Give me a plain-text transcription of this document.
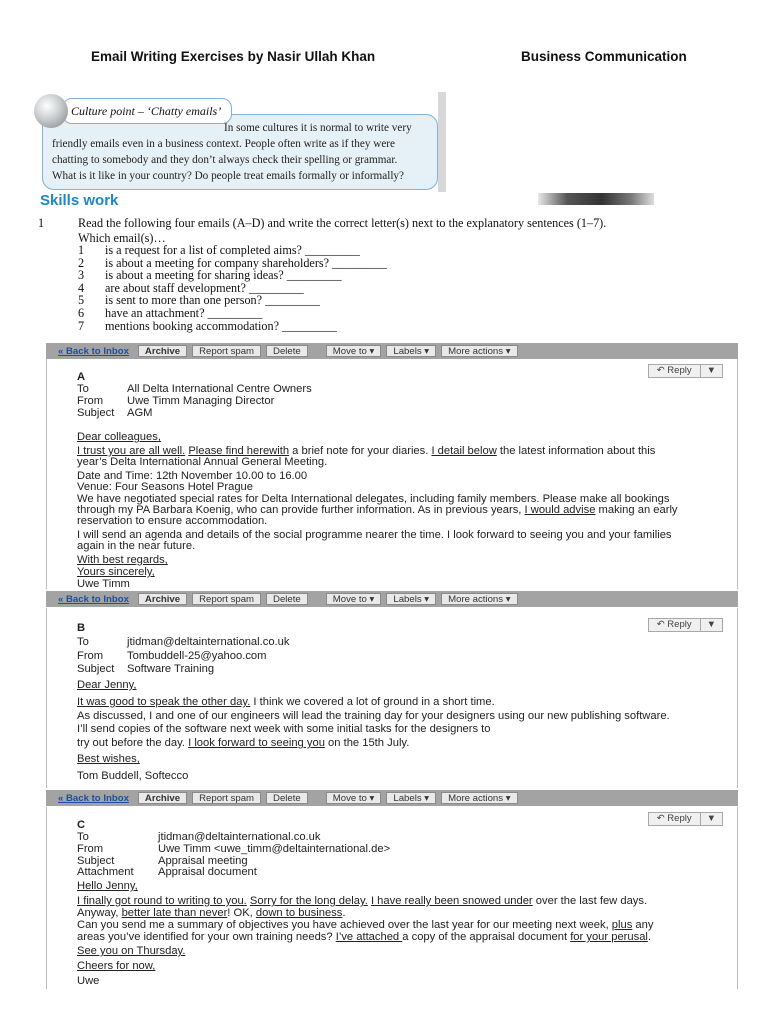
Email Writing Exercises by Nasir Ullah Khan	Business Communication
Culture point – ‘Chatty emails’
In some cultures it is normal to write very
friendly emails even in a business context. People often write as if they were
chatting to somebody and they don’t always check their spelling or grammar.
What is it like in your country? Do people treat emails formally or informally?
Skills work
1	Read the following four emails (A–D) and write the correct letter(s) next to the explanatory sentences (1–7).
Which email(s)…
1 is a request for a list of completed aims? _________
2 is about a meeting for company shareholders? _________
3 is about a meeting for sharing ideas? _________
4 are about staff development? _________
5 is sent to more than one person? _________
6 have an attachment? _________
7 mentions booking accommodation? _________
« Back to Inbox	Archive	Report spam	Delete	Move to ▾	Labels ▾	More actions ▾
↶ Reply	▼

A

To	All Delta International Centre Owners

From Uwe Timm Managing Director

Subject AGM

Dear colleagues,

I trust you are all well. Please find herewith a brief note for your diaries. I detail below the latest information about this

year’s Delta International Annual General Meeting.

Date and Time: 12th November 10.00 to 16.00

Venue: Four Seasons Hotel Prague

We have negotiated special rates for Delta International delegates, including family members. Please make all bookings

through my PA Barbara Koenig, who can provide further information. As in previous years, I would advise making an early

reservation to ensure accommodation.

I will send an agenda and details of the social programme nearer the time. I look forward to seeing you and your families

again in the near future.

With best regards,

Yours sincerely,

Uwe Timm

« Back to Inbox	Archive	Report spam	Delete	Move to ▾	Labels ▾	More actions ▾
↶ Reply	▼

B

To	jtidman@deltainternational.co.uk

From Tombuddell-25@yahoo.com

Subject Software Training

Dear Jenny,

It was good to speak the other day. I think we covered a lot of ground in a short time.

As discussed, I and one of our engineers will lead the training day for your designers using our new publishing software.

I’ll send copies of the software next week with some initial tasks for the designers to

try out before the day. I look forward to seeing you on the 15th July.

Best wishes,

Tom Buddell, Softecco

« Back to Inbox	Archive	Report spam	Delete	Move to ▾	Labels ▾	More actions ▾
↶ Reply	▼

C

To	jtidman@deltainternational.co.uk

From	Uwe Timm <uwe_timm@deltainternational.de>

Subject	Appraisal meeting

Attachment Appraisal document

Hello Jenny,

I finally got round to writing to you. Sorry for the long delay. I have really been snowed under over the last few days.

Anyway, better late than never! OK, down to business.

Can you send me a summary of objectives you have achieved over the last year for our meeting next week, plus any

areas you’ve identified for your own training needs? I’ve attached a copy of the appraisal document for your perusal.

See you on Thursday.

Cheers for now,

Uwe
